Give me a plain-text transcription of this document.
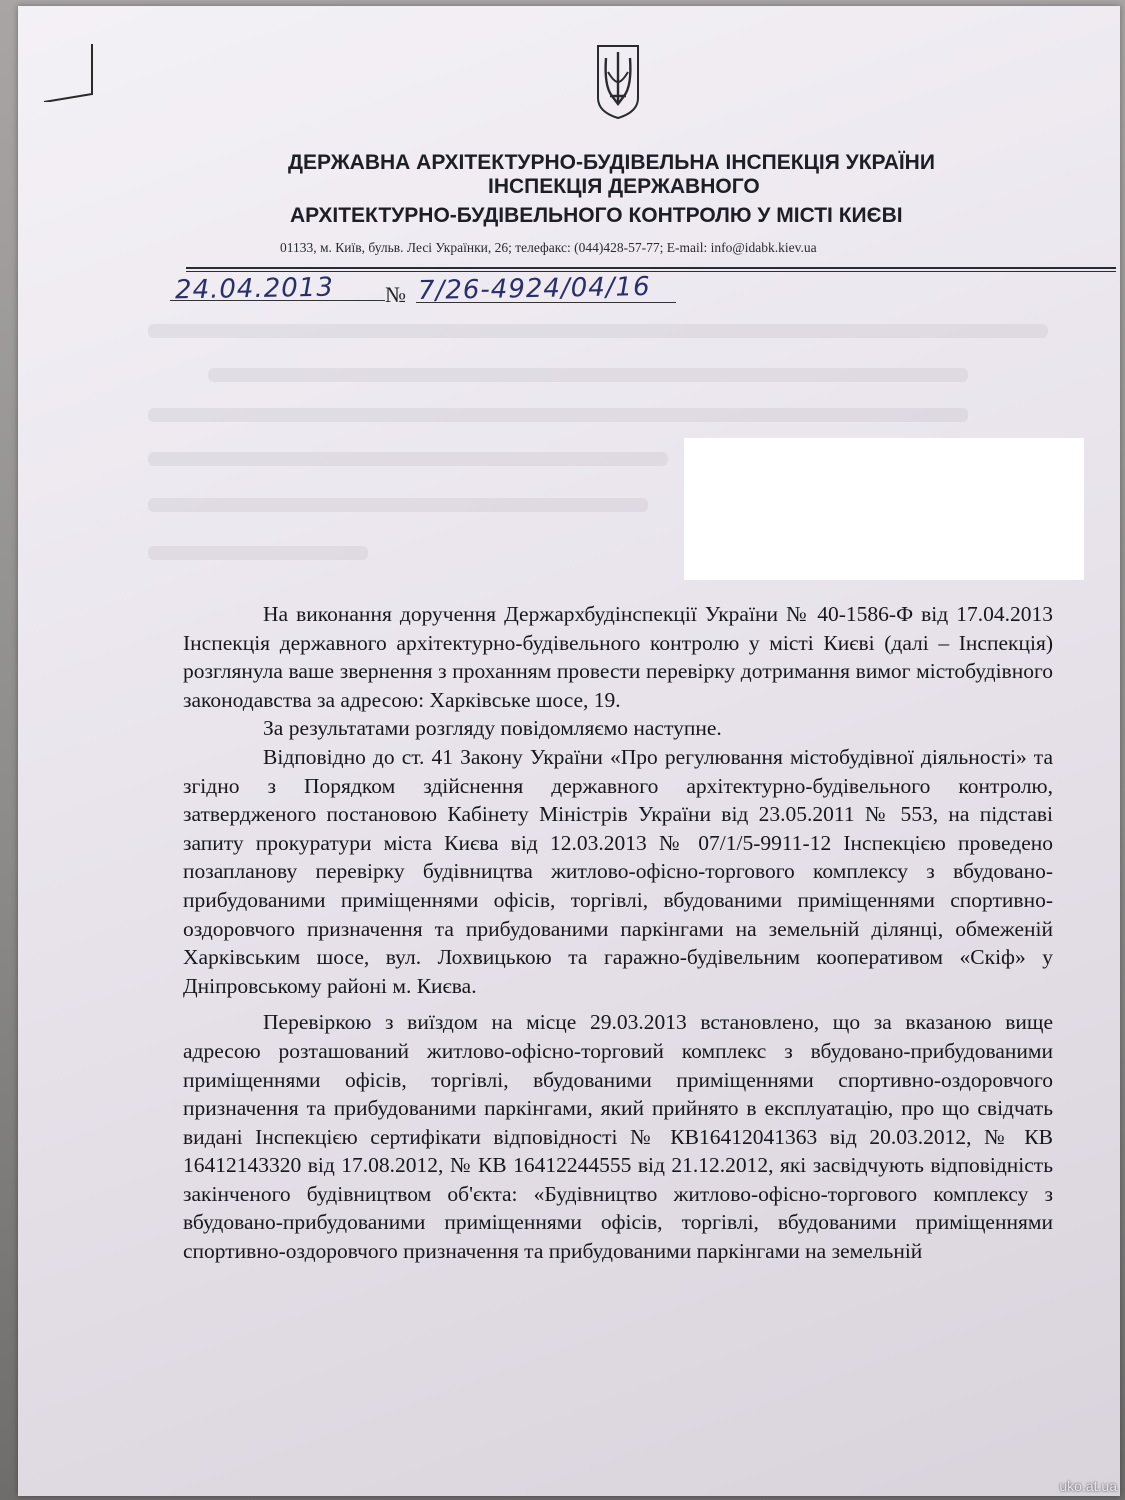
ДЕРЖАВНА АРХІТЕКТУРНО-БУДІВЕЛЬНА ІНСПЕКЦІЯ УКРАЇНИ
ІНСПЕКЦІЯ ДЕРЖАВНОГО
АРХІТЕКТУРНО-БУДІВЕЛЬНОГО КОНТРОЛЮ У МІСТІ КИЄВІ
01133, м. Київ, бульв. Лесі Українки, 26; телефакс: (044)428-57-77; E-mail: info@idabk.kiev.ua
24.04.2013 № 7/26-4924/04/16

На виконання доручення Держархбудінспекції України № 40-1586-Ф від 17.04.2013 Інспекція державного архітектурно-будівельного контролю у місті Києві (далі – Інспекція) розглянула ваше звернення з проханням провести перевірку дотримання вимог містобудівного законодавства за адресою: Харківське шосе, 19.

За результатами розгляду повідомляємо наступне.

Відповідно до ст. 41 Закону України «Про регулювання містобудівної діяльності» та згідно з Порядком здійснення державного архітектурно-будівельного контролю, затвердженого постановою Кабінету Міністрів України від 23.05.2011 № 553, на підставі запиту прокуратури міста Києва від 12.03.2013 № 07/1/5-9911-12 Інспекцією проведено позапланову перевірку будівництва житлово-офісно-торгового комплексу з вбудовано-прибудованими приміщеннями офісів, торгівлі, вбудованими приміщеннями спортивно-оздоровчого призначення та прибудованими паркінгами на земельній ділянці, обмеженій Харківським шосе, вул. Лохвицькою та гаражно-будівельним кооперативом «Скіф» у Дніпровському районі м. Києва.

Перевіркою з виїздом на місце 29.03.2013 встановлено, що за вказаною вище адресою розташований житлово-офісно-торговий комплекс з вбудовано-прибудованими приміщеннями офісів, торгівлі, вбудованими приміщеннями спортивно-оздоровчого призначення та прибудованими паркінгами, який прийнято в експлуатацію, про що свідчать видані Інспекцією сертифікати відповідності № КВ16412041363 від 20.03.2012, № КВ 16412143320 від 17.08.2012, № КВ 16412244555 від 21.12.2012, які засвідчують відповідність закінченого будівництвом об'єкта: «Будівництво житлово-офісно-торгового комплексу з вбудовано-прибудованими приміщеннями офісів, торгівлі, вбудованими приміщеннями спортивно-оздоровчого призначення та прибудованими паркінгами на земельній

uko.at.ua
